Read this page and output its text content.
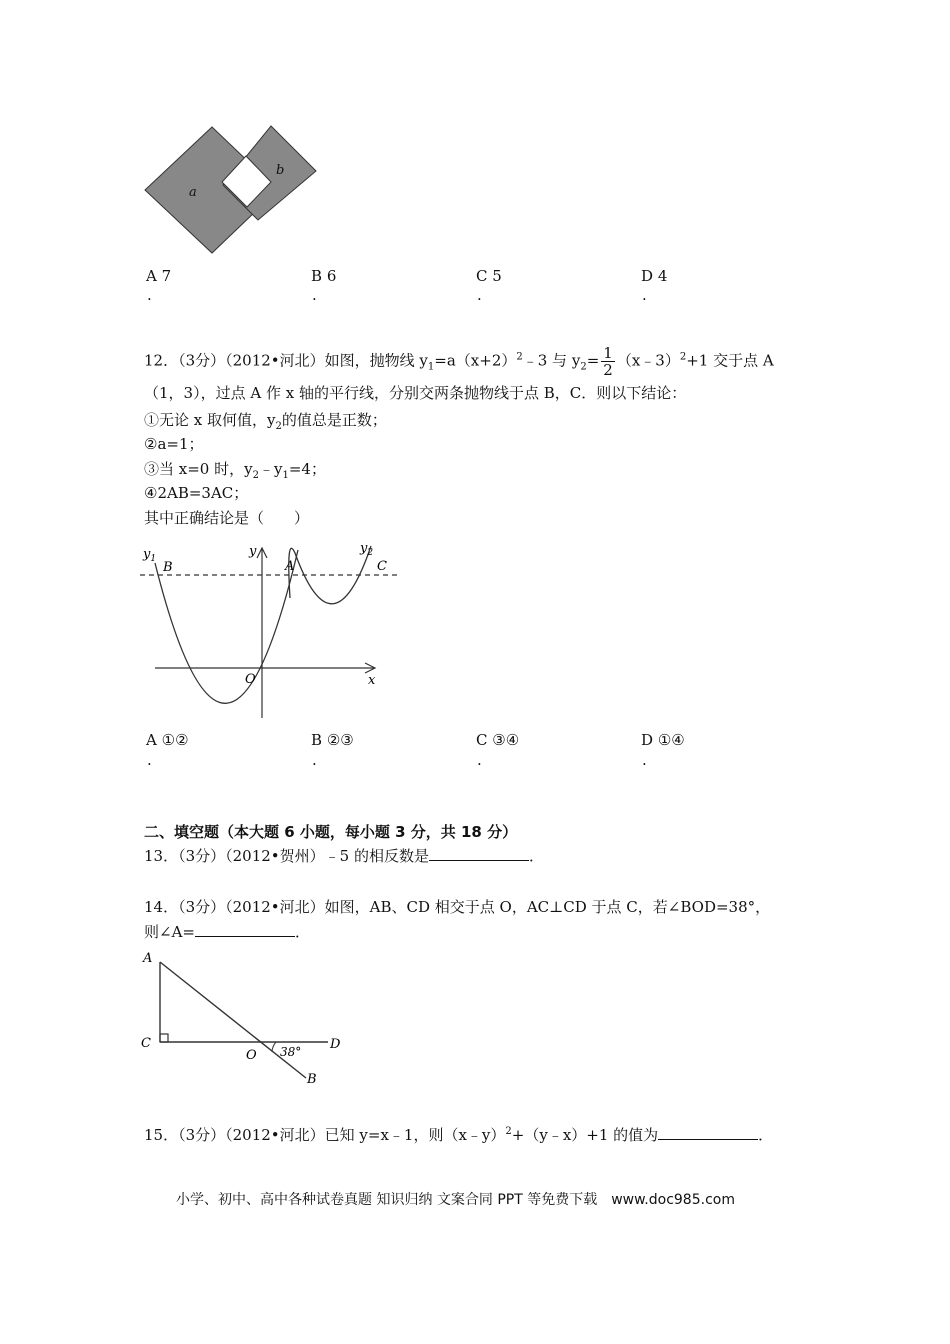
a
b
A 7	B 6	C 5	D 4
.	.	.	.
12．（3分）（2012•河北）如图，抛物线 $y_1=a(x+2)^2﹣3$ 与 $y_2= \frac{1}{2}$ （x﹣3）$^2$+1 交于点 A
（1，3），过点 A 作 x 轴的平行线，分别交两条抛物线于点 B，C．则以下结论：
①无论 x 取何值，$y_2$的值总是正数；
②a=1；
③当 x=0 时，$y_2﹣y_1=4$；
④2AB=3AC；
其中正确结论是（　　）
$y_1$
B
y
A
$y_2$
C
O	x
A ①②	B ②③	C ③④	D ①④
.	.	.	.
二、填空题（本大题 6 小题，每小题 3 分，共 18 分）
13．（3分）（2012•贺州）﹣5 的相反数是	．
14．（3分）（2012•河北）如图，AB、CD 相交于点 O，AC⊥CD 于点 C，若∠BOD=38°，
则∠A=	．
A
C
O 38° D
B
15．（3分）（2012•河北）已知 y=x﹣1，则（x﹣y）$^2$+（y﹣x）+1 的值为	．
小学、初中、高中各种试卷真题 知识归纳 文案合同 PPT 等免费下载　www.doc985.com
